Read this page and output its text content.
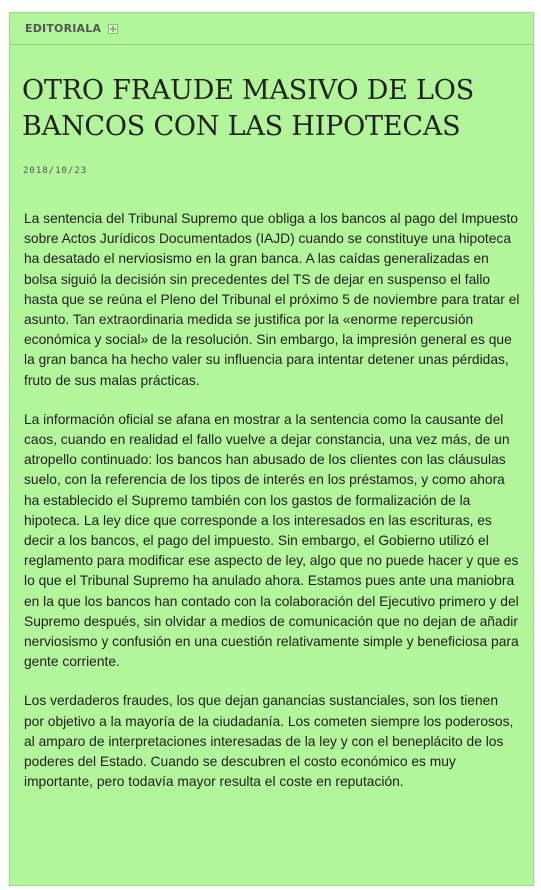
EDITORIALA
OTRO FRAUDE MASIVO DE LOS BANCOS CON LAS HIPOTECAS
2018/10/23

La sentencia del Tribunal Supremo que obliga a los bancos al pago del Impuesto sobre Actos Jurídicos Documentados (IAJD) cuando se constituye una hipoteca ha desatado el nerviosismo en la gran banca. A las caídas generalizadas en bolsa siguió la decisión sin precedentes del TS de dejar en suspenso el fallo hasta que se reúna el Pleno del Tribunal el próximo 5 de noviembre para tratar el asunto. Tan extraordinaria medida se justifica por la «enorme repercusión económica y social» de la resolución. Sin embargo, la impresión general es que la gran banca ha hecho valer su influencia para intentar detener unas pérdidas, fruto de sus malas prácticas.

La información oficial se afana en mostrar a la sentencia como la causante del caos, cuando en realidad el fallo vuelve a dejar constancia, una vez más, de un atropello continuado: los bancos han abusado de los clientes con las cláusulas suelo, con la referencia de los tipos de interés en los préstamos, y como ahora ha establecido el Supremo también con los gastos de formalización de la hipoteca. La ley dice que corresponde a los interesados en las escrituras, es decir a los bancos, el pago del impuesto. Sin embargo, el Gobierno utilizó el reglamento para modificar ese aspecto de ley, algo que no puede hacer y que es lo que el Tribunal Supremo ha anulado ahora. Estamos pues ante una maniobra en la que los bancos han contado con la colaboración del Ejecutivo primero y del Supremo después, sin olvidar a medios de comunicación que no dejan de añadir nerviosismo y confusión en una cuestión relativamente simple y beneficiosa para gente corriente.

Los verdaderos fraudes, los que dejan ganancias sustanciales, son los tienen por objetivo a la mayoría de la ciudadanía. Los cometen siempre los poderosos, al amparo de interpretaciones interesadas de la ley y con el beneplácito de los poderes del Estado. Cuando se descubren el costo económico es muy importante, pero todavía mayor resulta el coste en reputación.
